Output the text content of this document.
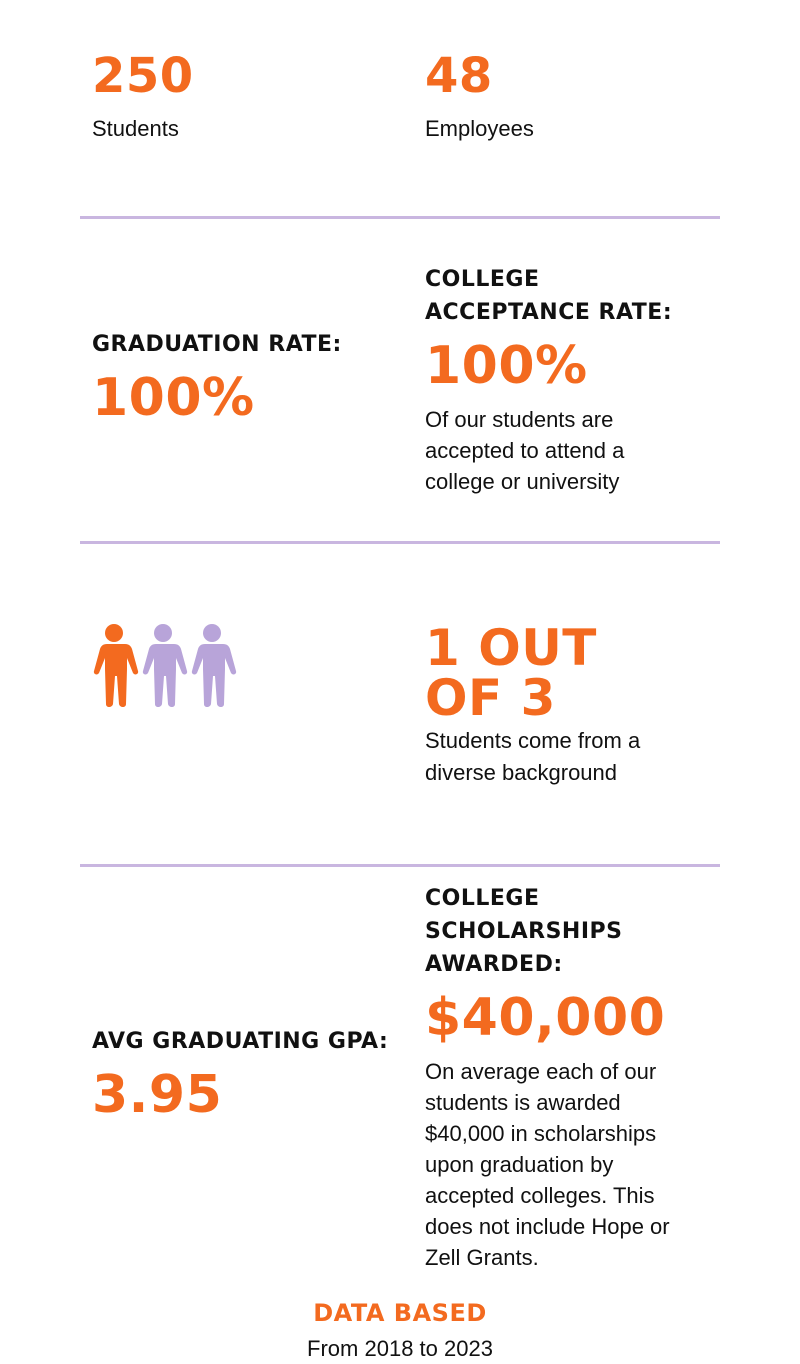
250
Students
48
Employees
GRADUATION RATE:
100%
COLLEGE
ACCEPTANCE RATE:
100%
Of our students are
accepted to attend a
college or university
1 OUT
OF 3
Students come from a
diverse background
AVG GRADUATING GPA:
3.95
COLLEGE
SCHOLARSHIPS
AWARDED:
$40,000
On average each of our
students is awarded
$40,000 in scholarships
upon graduation by
accepted colleges. This
does not include Hope or
Zell Grants.
DATA BASED
From 2018 to 2023
